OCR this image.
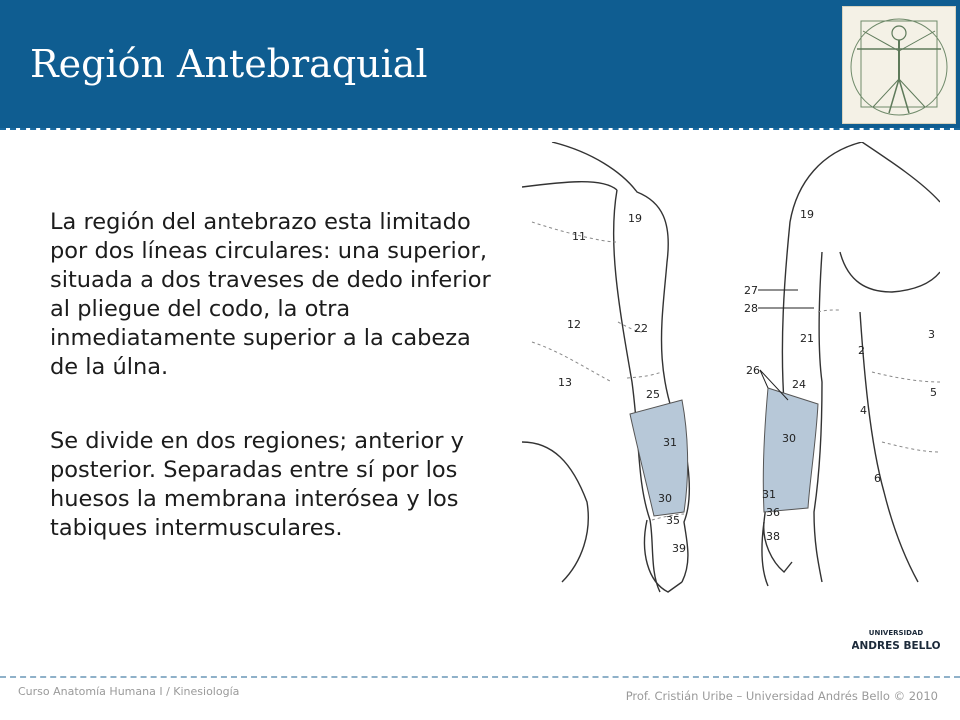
Región Antebraquial

La región del antebrazo esta limitado por dos líneas circulares: una superior, situada a dos traveses de dedo inferior al pliegue del codo, la otra inmediatamente superior a la cabeza de la úlna.

Se divide en dos regiones; anterior y posterior. Separadas entre sí por los huesos la membrana interósea y los tabiques intermusculares.

11
12
13
19
22
25
31
30
35
39
19
27
28
21
26
24
30
31
36
38
2
3
4
5
6
UNIVERSIDAD
ANDRES BELLO
Curso Anatomía Humana I / Kinesiología	Prof. Cristián Uribe – Universidad Andrés Bello © 2010
